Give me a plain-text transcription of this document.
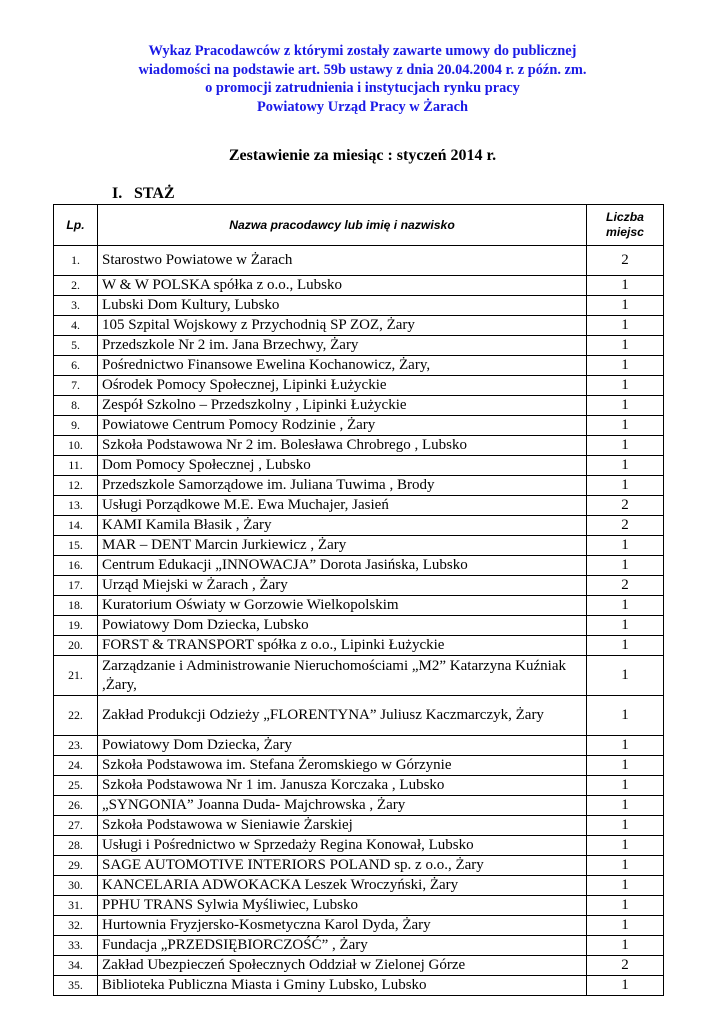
Wykaz Pracodawców z którymi zostały zawarte umowy do publicznej
wiadomości na podstawie art. 59b ustawy z dnia 20.04.2004 r. z późn. zm.
o promocji zatrudnienia i instytucjach rynku pracy
Powiatowy Urząd Pracy w Żarach
Zestawienie za miesiąc : styczeń 2014 r.
I. STAŻ
Lp.	Nazwa pracodawcy lub imię i nazwisko	Liczba
miejsc
1.	Starostwo Powiatowe w Żarach	2
2.	W & W POLSKA spółka z o.o., Lubsko	1
3.	Lubski Dom Kultury, Lubsko	1
4.	105 Szpital Wojskowy z Przychodnią SP ZOZ, Żary	1
5.	Przedszkole Nr 2 im. Jana Brzechwy, Żary	1
6.	Pośrednictwo Finansowe Ewelina Kochanowicz, Żary,	1
7.	Ośrodek Pomocy Społecznej, Lipinki Łużyckie	1
8.	Zespół Szkolno – Przedszkolny , Lipinki Łużyckie	1
9.	Powiatowe Centrum Pomocy Rodzinie , Żary	1
10.	Szkoła Podstawowa Nr 2 im. Bolesława Chrobrego , Lubsko	1
11.	Dom Pomocy Społecznej , Lubsko	1
12.	Przedszkole Samorządowe im. Juliana Tuwima , Brody	1
13.	Usługi Porządkowe M.E. Ewa Muchajer, Jasień	2
14.	KAMI Kamila Błasik , Żary	2
15.	MAR – DENT Marcin Jurkiewicz , Żary	1
16.	Centrum Edukacji „INNOWACJA” Dorota Jasińska, Lubsko	1
17.	Urząd Miejski w Żarach , Żary	2
18.	Kuratorium Oświaty w Gorzowie Wielkopolskim	1
19.	Powiatowy Dom Dziecka, Lubsko	1
20.	FORST & TRANSPORT spółka z o.o., Lipinki Łużyckie	1
21.	Zarządzanie i Administrowanie Nieruchomościami „M2” Katarzyna Kuźniak ,Żary,	1
22.	Zakład Produkcji Odzieży „FLORENTYNA” Juliusz Kaczmarczyk, Żary	1
23.	Powiatowy Dom Dziecka, Żary	1
24.	Szkoła Podstawowa im. Stefana Żeromskiego w Górzynie	1
25.	Szkoła Podstawowa Nr 1 im. Janusza Korczaka , Lubsko	1
26.	„SYNGONIA” Joanna Duda- Majchrowska , Żary	1
27.	Szkoła Podstawowa w Sieniawie Żarskiej	1
28.	Usługi i Pośrednictwo w Sprzedaży Regina Konował, Lubsko	1
29.	SAGE AUTOMOTIVE INTERIORS POLAND sp. z o.o., Żary	1
30.	KANCELARIA ADWOKACKA Leszek Wroczyński, Żary	1
31.	PPHU TRANS Sylwia Myśliwiec, Lubsko	1
32.	Hurtownia Fryzjersko-Kosmetyczna Karol Dyda, Żary	1
33.	Fundacja „PRZEDSIĘBIORCZOŚĆ” , Żary	1
34.	Zakład Ubezpieczeń Społecznych Oddział w Zielonej Górze	2
35.	Biblioteka Publiczna Miasta i Gminy Lubsko, Lubsko	1
